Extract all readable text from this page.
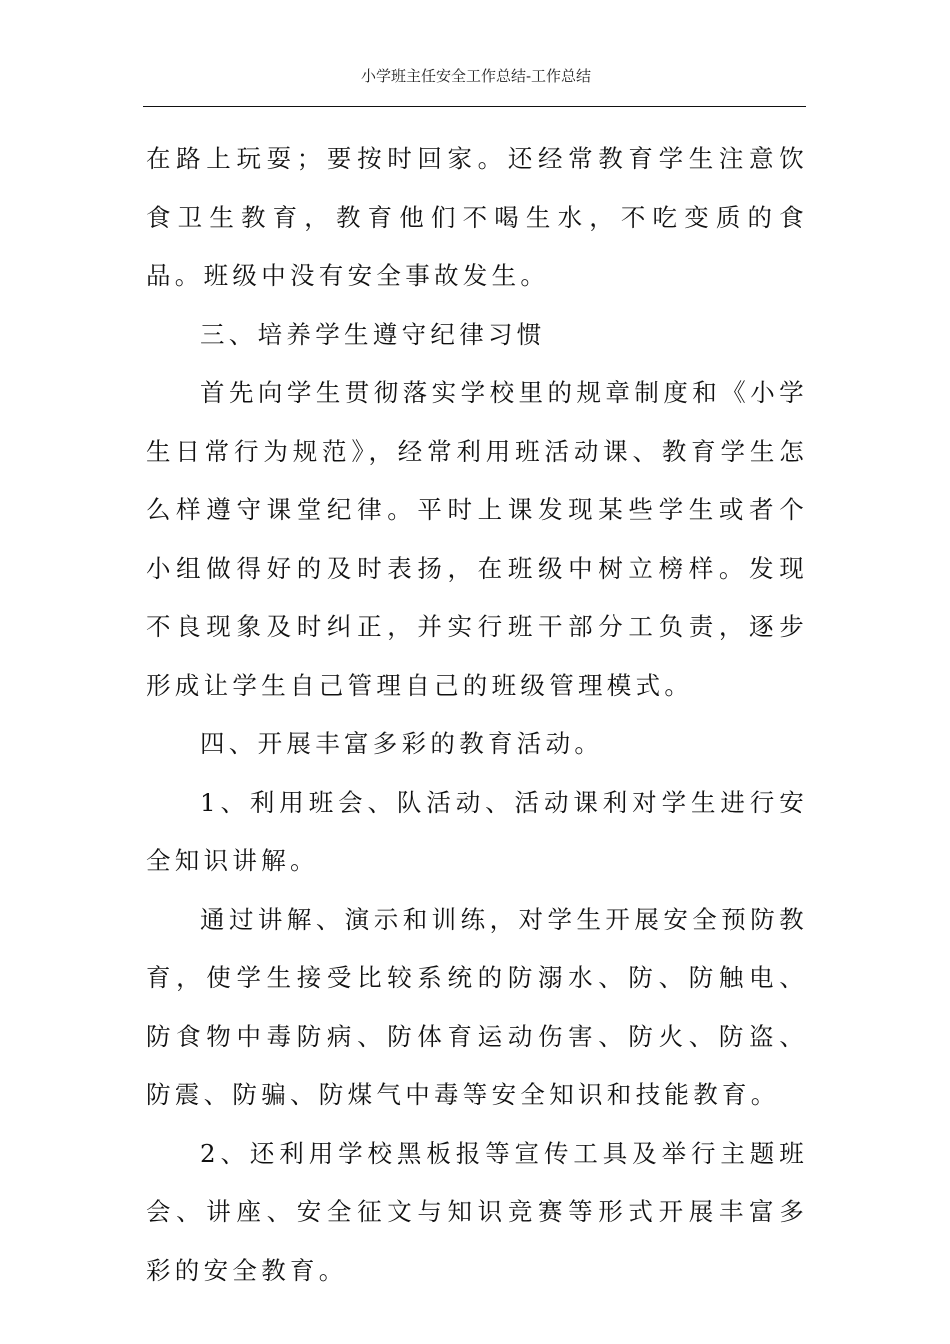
小学班主任安全工作总结-工作总结

在路上玩耍；要按时回家。还经常教育学生注意饮食卫生教育，教育他们不喝生水，不吃变质的食品。班级中没有安全事故发生。

三、培养学生遵守纪律习惯

首先向学生贯彻落实学校里的规章制度和《小学生日常行为规范》，经常利用班活动课、教育学生怎么样遵守课堂纪律。平时上课发现某些学生或者个小组做得好的及时表扬，在班级中树立榜样。发现不良现象及时纠正，并实行班干部分工负责，逐步形成让学生自己管理自己的班级管理模式。

四、开展丰富多彩的教育活动。

1、利用班会、队活动、活动课利对学生进行安全知识讲解。

通过讲解、演示和训练，对学生开展安全预防教育，使学生接受比较系统的防溺水、防、防触电、防食物中毒防病、防体育运动伤害、防火、防盗、防震、防骗、防煤气中毒等安全知识和技能教育。

2、还利用学校黑板报等宣传工具及举行主题班会、讲座、安全征文与知识竞赛等形式开展丰富多彩的安全教育。
